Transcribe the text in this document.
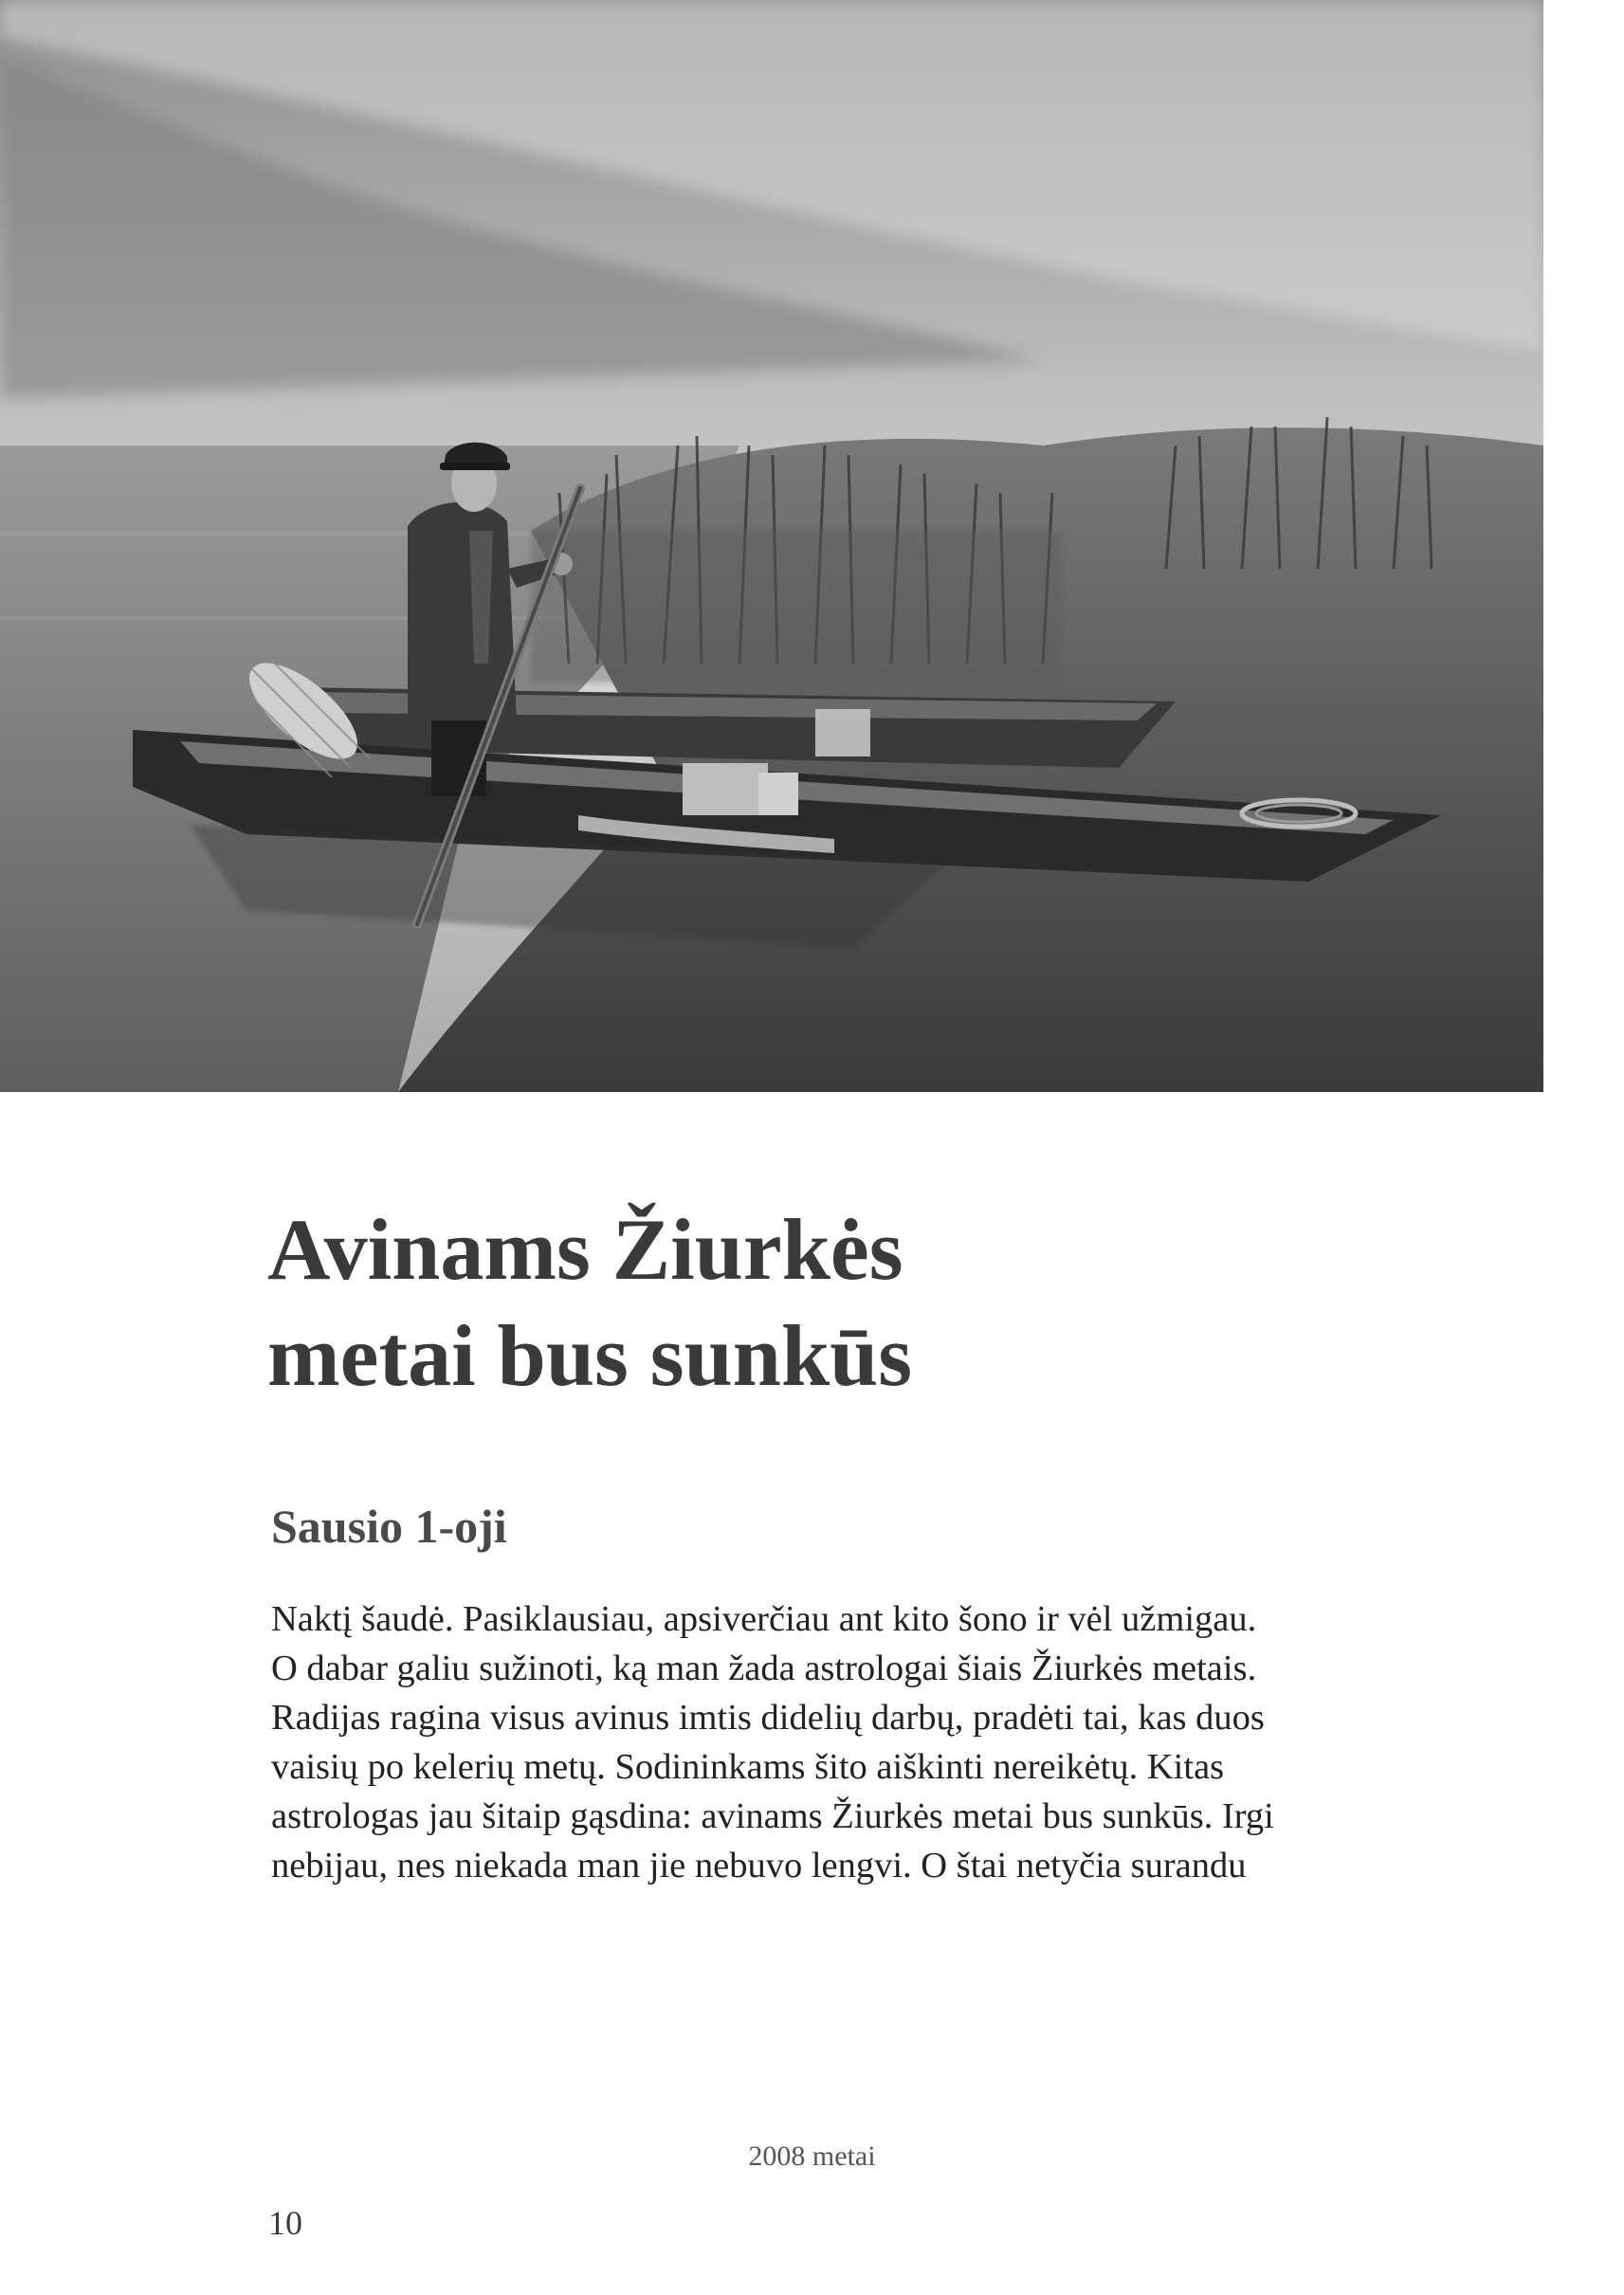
Avinams Žiurkės
metai bus sunkūs
Sausio 1-oji

Naktį šaudė. Pasiklausiau, apsiverčiau ant kito šono ir vėl užmigau.
O dabar galiu sužinoti, ką man žada astrologai šiais Žiurkės metais.
Radijas ragina visus avinus imtis didelių darbų, pradėti tai, kas duos
vaisių po kelerių metų. Sodininkams šito aiškinti nereikėtų. Kitas
astrologas jau šitaip gąsdina: avinams Žiurkės metai bus sunkūs. Irgi
nebijau, nes niekada man jie nebuvo lengvi. O štai netyčia surandu

2008 metai
10
